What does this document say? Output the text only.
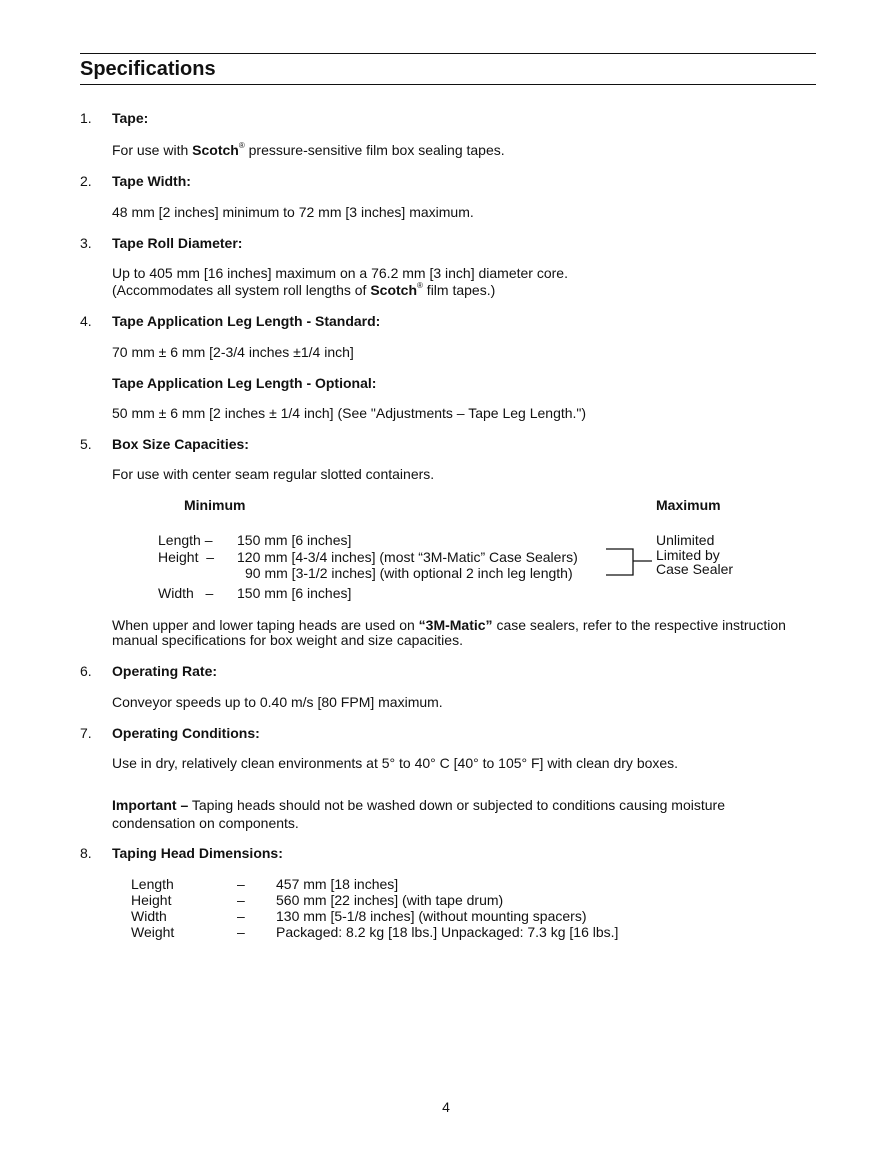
Specifications
1. Tape:
For use with Scotch® pressure-sensitive film box sealing tapes.
2. Tape Width:
48 mm [2 inches] minimum to 72 mm [3 inches] maximum.
3. Tape Roll Diameter:
Up to 405 mm [16 inches] maximum on a 76.2 mm [3 inch] diameter core.
(Accommodates all system roll lengths of Scotch® film tapes.)
4. Tape Application Leg Length - Standard:
70 mm ± 6 mm [2-3/4 inches ±1/4 inch]
Tape Application Leg Length - Optional:
50 mm ± 6 mm [2 inches ± 1/4 inch] (See "Adjustments – Tape Leg Length.")
5. Box Size Capacities:
For use with center seam regular slotted containers.
Minimum	Maximum
Length – 150 mm [6 inches]
Height  – 120 mm [4-3/4 inches] (most “3M-Matic” Case Sealers)
90 mm [3-1/2 inches] (with optional 2 inch leg length)
Width   – 150 mm [6 inches]
Unlimited
Limited by
Case Sealer
When upper and lower taping heads are used on “3M-Matic” case sealers, refer to the respective instruction
manual specifications for box weight and size capacities.
6. Operating Rate:
Conveyor speeds up to 0.40 m/s [80 FPM] maximum.
7. Operating Conditions:
Use in dry, relatively clean environments at 5° to 40° C [40° to 105° F] with clean dry boxes.
Important – Taping heads should not be washed down or subjected to conditions causing moisture
condensation on components.
8. Taping Head Dimensions:
Length	– 457 mm [18 inches]
Height	– 560 mm [22 inches] (with tape drum)
Width	– 130 mm [5-1/8 inches] (without mounting spacers)
Weight	– Packaged: 8.2 kg [18 lbs.] Unpackaged: 7.3 kg [16 lbs.]
4
